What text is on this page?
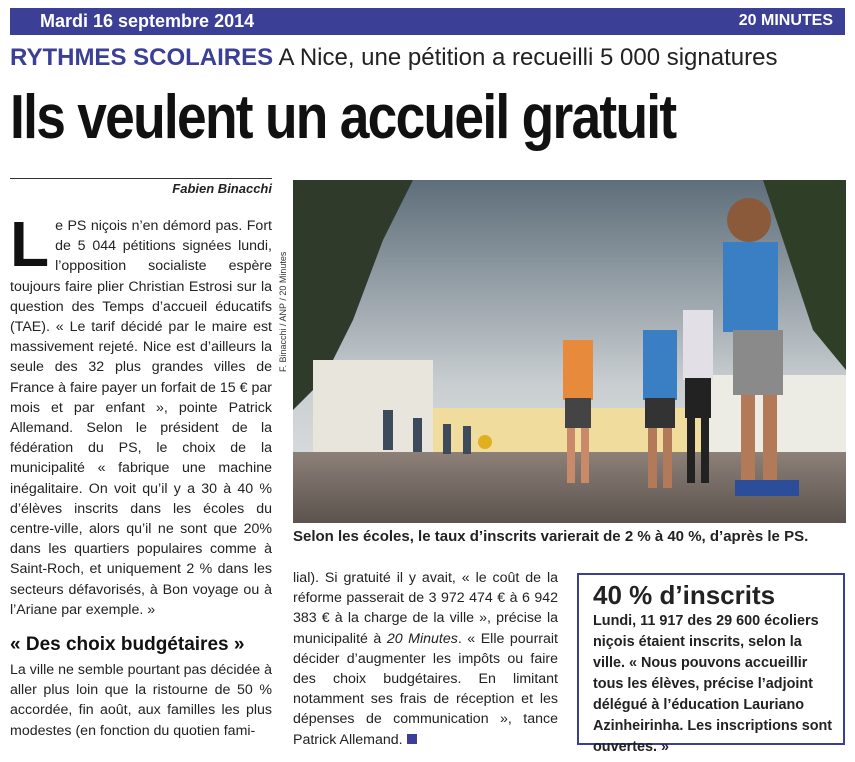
Mardi 16 septembre 2014	20 MINUTES
RYTHMES SCOLAIRES A Nice, une pétition a recueilli 5 000 signatures
Ils veulent un accueil gratuit
Fabien Binacchi
Le PS niçois n’en démord pas. Fort de 5 044 pétitions signées lundi, l’opposition socialiste espère toujours faire plier Christian Estrosi sur la question des Temps d’accueil éducatifs (TAE). « Le tarif décidé par le maire est massivement rejeté. Nice est d’ailleurs la seule des 32 plus grandes villes de France à faire payer un forfait de 15 € par mois et par enfant », pointe Patrick Allemand. Selon le président de la fédération du PS, le choix de la municipalité « fabrique une machine inégalitaire. On voit qu’il y a 30 à 40 % d’élèves inscrits dans les écoles du centre-ville, alors qu’il ne sont que 20% dans les quartiers populaires comme à Saint-Roch, et uniquement 2 % dans les secteurs défavorisés, à Bon voyage ou à l’Ariane par exemple. »
« Des choix budgétaires »
La ville ne semble pourtant pas décidée à aller plus loin que la ristourne de 50 % accordée, fin août, aux familles les plus modestes (en fonction du quotien fami-
F. Binacchi / ANP / 20 Minutes
Selon les écoles, le taux d’inscrits varierait de 2 % à 40 %, d’après le PS.
lial). Si gratuité il y avait, « le coût de la réforme passerait de 3 972 474 € à 6 942 383 € à la charge de la ville », précise la municipalité à 20 Minutes. « Elle pourrait décider d’augmenter les impôts ou faire des choix budgétaires. En limitant notamment ses frais de réception et les dépenses de communication », tance Patrick Allemand.
40 % d’inscrits
Lundi, 11 917 des 29 600 écoliers niçois étaient inscrits, selon la ville. « Nous pouvons accueillir tous les élèves, précise l’adjoint délégué à l’éducation Lauriano Azinheirinha. Les inscriptions sont ouvertes. »
